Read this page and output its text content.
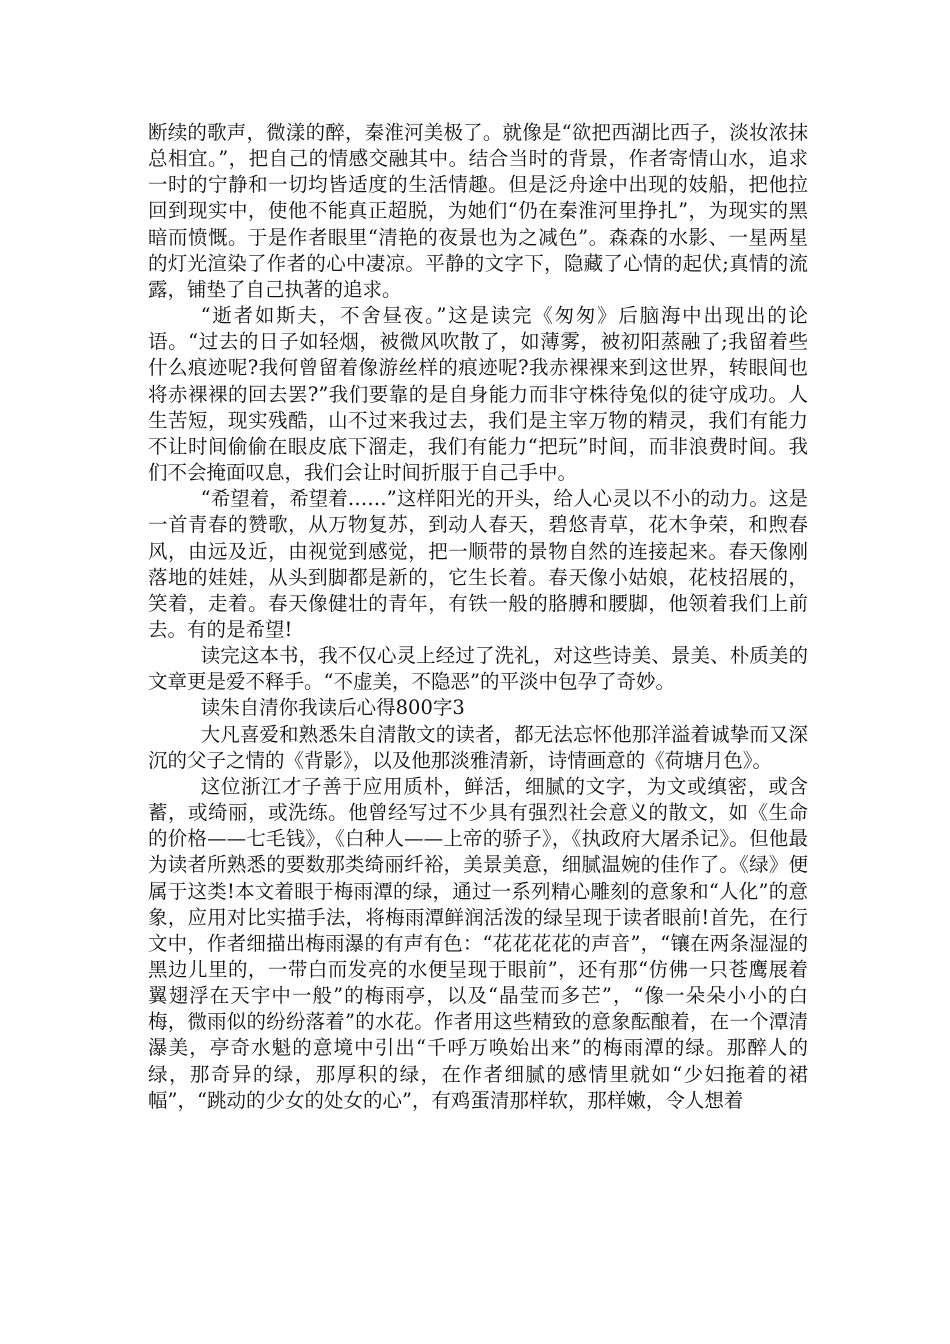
断续的歌声，微漾的醉，秦淮河美极了。就像是“欲把西湖比西子，淡妆浓抹总相宜。”，把自己的情感交融其中。结合当时的背景，作者寄情山水，追求一时的宁静和一切均皆适度的生活情趣。但是泛舟途中出现的妓船，把他拉回到现实中，使他不能真正超脱，为她们“仍在秦淮河里挣扎”，为现实的黑暗而愤慨。于是作者眼里“清艳的夜景也为之减色”。森森的水影、一星两星的灯光渲染了作者的心中凄凉。平静的文字下，隐藏了心情的起伏;真情的流露，铺垫了自己执著的追求。

“逝者如斯夫，不舍昼夜。”这是读完《匆匆》后脑海中出现出的论语。“过去的日子如轻烟，被微风吹散了，如薄雾，被初阳蒸融了;我留着些什么痕迹呢?我何曾留着像游丝样的痕迹呢?我赤裸裸来到这世界，转眼间也将赤裸裸的回去罢?”我们要靠的是自身能力而非守株待兔似的徒守成功。人生苦短，现实残酷，山不过来我过去，我们是主宰万物的精灵，我们有能力不让时间偷偷在眼皮底下溜走，我们有能力“把玩”时间，而非浪费时间。我们不会掩面叹息，我们会让时间折服于自己手中。

“希望着，希望着……”这样阳光的开头，给人心灵以不小的动力。这是一首青春的赞歌，从万物复苏，到动人春天，碧悠青草，花木争荣，和煦春风，由远及近，由视觉到感觉，把一顺带的景物自然的连接起来。春天像刚落地的娃娃，从头到脚都是新的，它生长着。春天像小姑娘，花枝招展的，笑着，走着。春天像健壮的青年，有铁一般的胳膊和腰脚，他领着我们上前去。有的是希望!

读完这本书，我不仅心灵上经过了洗礼，对这些诗美、景美、朴质美的文章更是爱不释手。“不虚美，不隐恶”的平淡中包孕了奇妙。

读朱自清你我读后心得800字3

大凡喜爱和熟悉朱自清散文的读者，都无法忘怀他那洋溢着诚挚而又深沉的父子之情的《背影》，以及他那淡雅清新，诗情画意的《荷塘月色》。

这位浙江才子善于应用质朴，鲜活，细腻的文字，为文或缜密，或含蓄，或绮丽，或洗练。他曾经写过不少具有强烈社会意义的散文，如《生命的价格——七毛钱》，《白种人——上帝的骄子》，《执政府大屠杀记》。但他最为读者所熟悉的要数那类绮丽纤裕，美景美意，细腻温婉的佳作了。《绿》便属于这类!本文着眼于梅雨潭的绿，通过一系列精心雕刻的意象和“人化”的意象，应用对比实描手法，将梅雨潭鲜润活泼的绿呈现于读者眼前!首先，在行文中，作者细描出梅雨瀑的有声有色：“花花花花的声音”，“镶在两条湿湿的黑边儿里的，一带白而发亮的水便呈现于眼前”，还有那“仿佛一只苍鹰展着翼翅浮在天宇中一般”的梅雨亭，以及“晶莹而多芒”，“像一朵朵小小的白梅，微雨似的纷纷落着”的水花。作者用这些精致的意象酝酿着，在一个潭清瀑美，亭奇水魁的意境中引出“千呼万唤始出来”的梅雨潭的绿。那醉人的绿，那奇异的绿，那厚积的绿，在作者细腻的感情里就如“少妇拖着的裙幅”，“跳动的少女的处女的心”，有鸡蛋清那样软，那样嫩，令人想着
